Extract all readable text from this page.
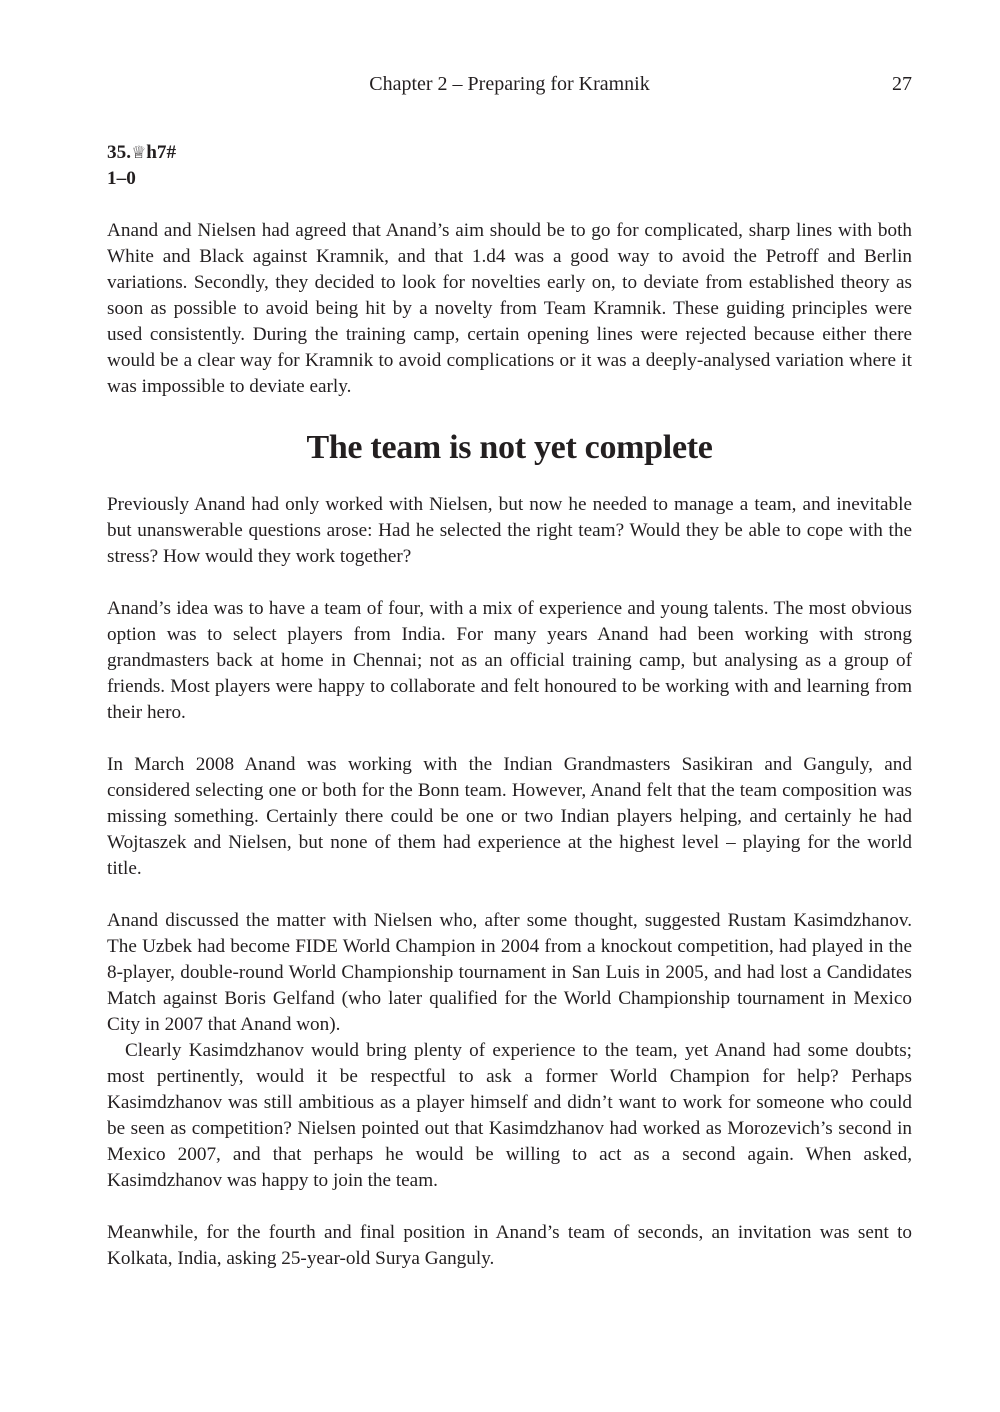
Chapter 2 – Preparing for Kramnik	27
35.♕h7#
1–0

Anand and Nielsen had agreed that Anand’s aim should be to go for complicated, sharp lines with both White and Black against Kramnik, and that 1.d4 was a good way to avoid the Petroff and Berlin variations. Secondly, they decided to look for novelties early on, to deviate from established theory as soon as possible to avoid being hit by a novelty from Team Kramnik. These guiding principles were used consistently. During the training camp, certain opening lines were rejected because either there would be a clear way for Kramnik to avoid complications or it was a deeply-analysed variation where it was impossible to deviate early.

The team is not yet complete

Previously Anand had only worked with Nielsen, but now he needed to manage a team, and inevitable but unanswerable questions arose: Had he selected the right team? Would they be able to cope with the stress? How would they work together?

Anand’s idea was to have a team of four, with a mix of experience and young talents. The most obvious option was to select players from India. For many years Anand had been working with strong grandmasters back at home in Chennai; not as an official training camp, but analysing as a group of friends. Most players were happy to collaborate and felt honoured to be working with and learning from their hero.

In March 2008 Anand was working with the Indian Grandmasters Sasikiran and Ganguly, and considered selecting one or both for the Bonn team. However, Anand felt that the team composition was missing something. Certainly there could be one or two Indian players helping, and certainly he had Wojtaszek and Nielsen, but none of them had experience at the highest level – playing for the world title.

Anand discussed the matter with Nielsen who, after some thought, suggested Rustam Kasimdzhanov. The Uzbek had become FIDE World Champion in 2004 from a knockout competition, had played in the 8-player, double-round World Championship tournament in San Luis in 2005, and had lost a Candidates Match against Boris Gelfand (who later qualified for the World Championship tournament in Mexico City in 2007 that Anand won).

Clearly Kasimdzhanov would bring plenty of experience to the team, yet Anand had some doubts; most pertinently, would it be respectful to ask a former World Champion for help? Perhaps Kasimdzhanov was still ambitious as a player himself and didn’t want to work for someone who could be seen as competition? Nielsen pointed out that Kasimdzhanov had worked as Morozevich’s second in Mexico 2007, and that perhaps he would be willing to act as a second again. When asked, Kasimdzhanov was happy to join the team.

Meanwhile, for the fourth and final position in Anand’s team of seconds, an invitation was sent to Kolkata, India, asking 25-year-old Surya Ganguly.
